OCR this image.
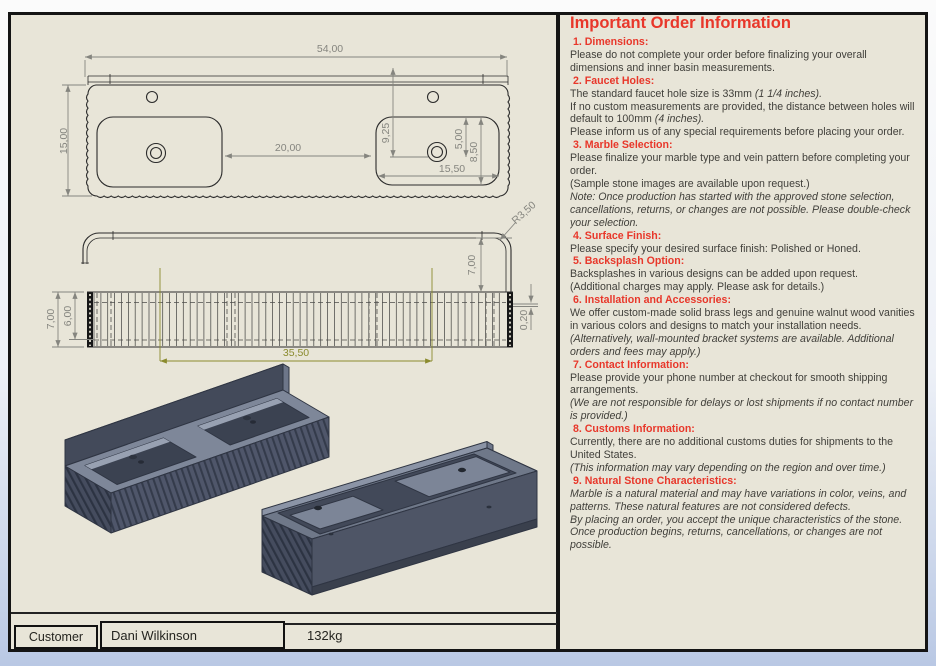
54,00
15,00	20,00
9,25	5,00
8,50
15,50
35,50
R3,50
7,00
0,20
7,00 6,00
Important Order Information
1. Dimensions:
Please do not complete your order before finalizing your overall dimensions and inner basin measurements.
2. Faucet Holes:
The standard faucet hole size is 33mm (1 1/4 inches).
If no custom measurements are provided, the distance between holes will default to 100mm (4 inches).
Please inform us of any special requirements before placing your order.
3. Marble Selection:
Please finalize your marble type and vein pattern before completing your order.
(Sample stone images are available upon request.)
Note: Once production has started with the approved stone selection, cancellations, returns, or changes are not possible. Please double-check your selection.
4. Surface Finish:
Please specify your desired surface finish: Polished or Honed.
5. Backsplash Option:
Backsplashes in various designs can be added upon request.
(Additional charges may apply. Please ask for details.)
6. Installation and Accessories:
We offer custom-made solid brass legs and genuine walnut wood vanities in various colors and designs to match your installation needs.
(Alternatively, wall-mounted bracket systems are available. Additional orders and fees may apply.)
7. Contact Information:
Please provide your phone number at checkout for smooth shipping arrangements.
(We are not responsible for delays or lost shipments if no contact number is provided.)
8. Customs Information:
Currently, there are no additional customs duties for shipments to the United States.
(This information may vary depending on the region and over time.)
9. Natural Stone Characteristics:
Marble is a natural material and may have variations in color, veins, and patterns. These natural features are not considered defects.
By placing an order, you accept the unique characteristics of the stone. Once production begins, returns, cancellations, or changes are not possible.
Customer Dani Wilkinson	132kg
